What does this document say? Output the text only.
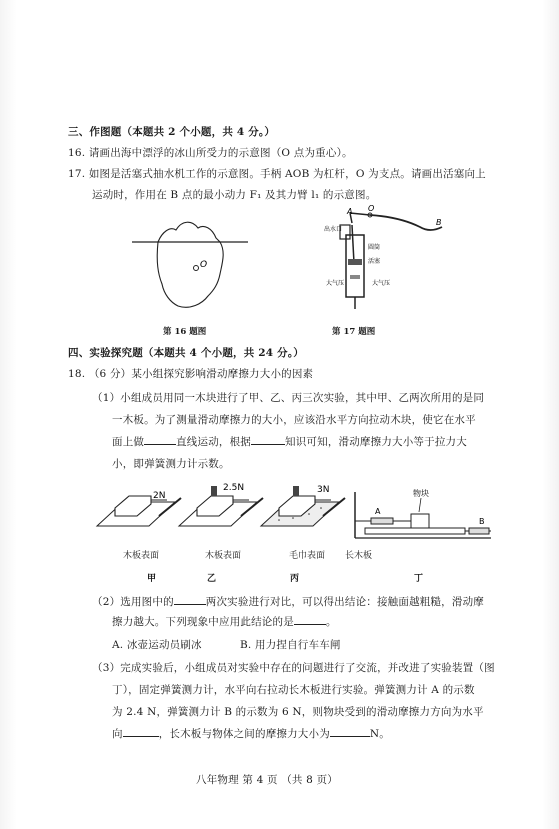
三、作图题（本题共 2 个小题，共 4 分。）
16. 请画出海中漂浮的冰山所受力的示意图（O 点为重心）。
17. 如图是活塞式抽水机工作的示意图。手柄 AOB 为杠杆，O 为支点。请画出活塞向上
运动时，作用在 B 点的最小动力 F₁ 及其力臂 l₁ 的示意图。
O
第 16 题图
A O
B
出水口
圆筒
活塞
大气压	大气压
第 17 题图
四、实验探究题（本题共 4 个小题，共 24 分。）
18. （6 分）某小组探究影响滑动摩擦力大小的因素
（1）小组成员用同一木块进行了甲、乙、丙三次实验，其中甲、乙两次所用的是同
一木板。为了测量滑动摩擦力的大小，应该沿水平方向拉动木块，使它在水平
面上做	直线运动，根据	知识可知，滑动摩擦力大小等于拉力大
小，即弹簧测力计示数。
2N
2.5N	3N	物块
A
B
木板表面	木板表面	毛巾表面 长木板
甲	乙	丙	丁
（2）选用图中的	两次实验进行对比，可以得出结论：接触面越粗糙，滑动摩
擦力越大。下列现象中应用此结论的是	。
A. 冰壶运动员刷冰	B. 用力捏自行车车闸
（3）完成实验后，小组成员对实验中存在的问题进行了交流，并改进了实验装置（图
丁），固定弹簧测力计，水平向右拉动长木板进行实验。弹簧测力计 A 的示数
为 2.4 N，弹簧测力计 B 的示数为 6 N，则物块受到的滑动摩擦力方向为水平
向	，长木板与物体之间的摩擦力大小为	N。
八年物理 第 4 页 （共 8 页）
